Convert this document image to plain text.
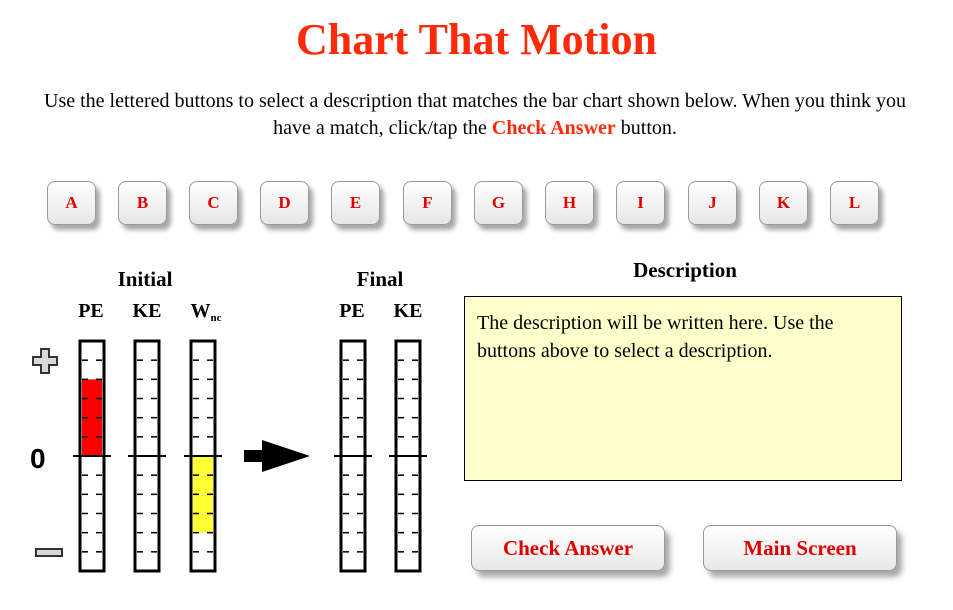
Chart That Motion
Use the lettered buttons to select a description that matches the bar chart shown below. When you think you have a match, click/tap the Check Answer button.
A	B	C	D	E	F	G	H	I	J	K	L
Initial	Final
PE	KE	$W_{nc}$	PE	KE
0
Description
The description will be written here. Use the buttons above to select a description.
Check Answer	Main Screen
